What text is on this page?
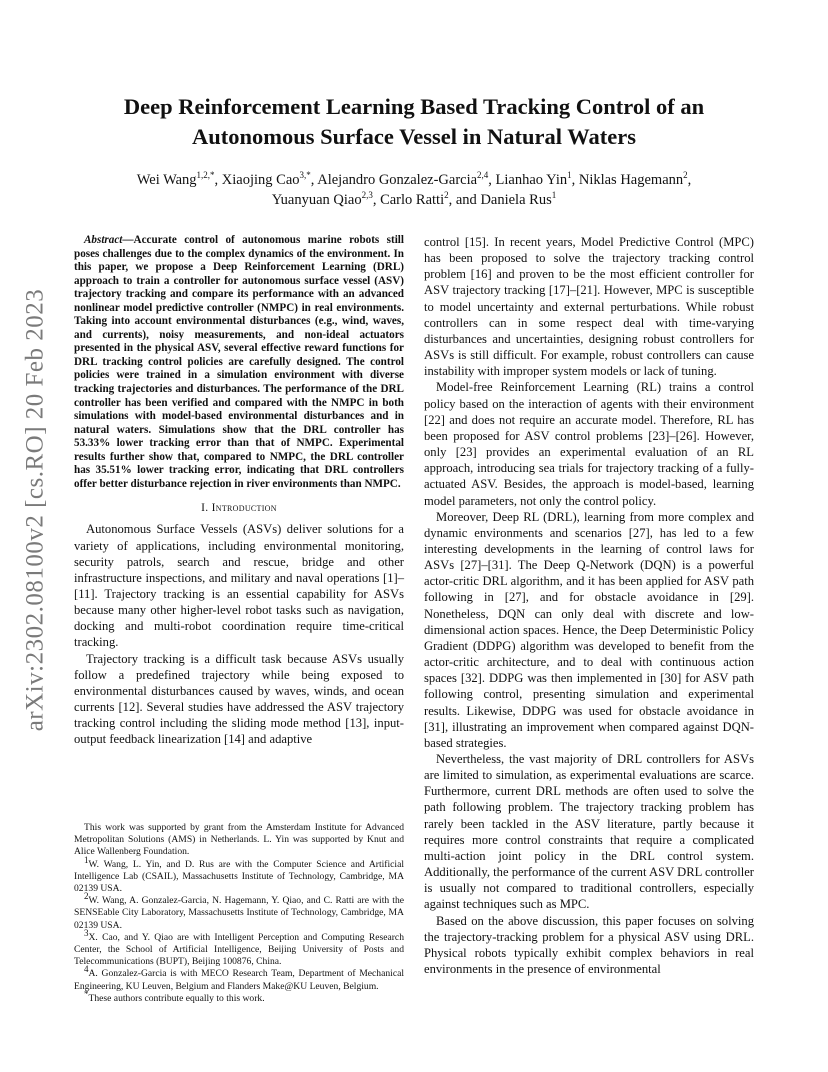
arXiv:2302.08100v2 [cs.RO] 20 Feb 2023
Deep Reinforcement Learning Based Tracking Control of an
Autonomous Surface Vessel in Natural Waters
Wei Wang$^{1,2,*}$, Xiaojing Cao$^{3,*}$, Alejandro Gonzalez-Garcia$^{2,4}$, Lianhao Yin$^1$, Niklas Hagemann$^2$,
Yuanyuan Qiao$^{2,3}$, Carlo Ratti$^2$, and Daniela Rus$^1$

Abstract—Accurate control of autonomous marine robots still poses challenges due to the complex dynamics of the environment. In this paper, we propose a Deep Reinforcement Learning (DRL) approach to train a controller for autonomous surface vessel (ASV) trajectory tracking and compare its performance with an advanced nonlinear model predictive controller (NMPC) in real environments. Taking into account environmental disturbances (e.g., wind, waves, and currents), noisy measurements, and non-ideal actuators presented in the physical ASV, several effective reward functions for DRL tracking control policies are carefully designed. The control policies were trained in a simulation environment with diverse tracking trajectories and disturbances. The performance of the DRL controller has been verified and compared with the NMPC in both simulations with model-based environmental disturbances and in natural waters. Simulations show that the DRL controller has 53.33% lower tracking error than that of NMPC. Experimental results further show that, compared to NMPC, the DRL controller has 35.51% lower tracking error, indicating that DRL controllers offer better disturbance rejection in river environments than NMPC.

I. Introduction

Autonomous Surface Vessels (ASVs) deliver solutions for a variety of applications, including environmental monitoring, security patrols, search and rescue, bridge and other infrastructure inspections, and military and naval operations [1]–[11]. Trajectory tracking is an essential capability for ASVs because many other higher-level robot tasks such as navigation, docking and multi-robot coordination require time-critical tracking.

Trajectory tracking is a difficult task because ASVs usually follow a predefined trajectory while being exposed to environmental disturbances caused by waves, winds, and ocean currents [12]. Several studies have addressed the ASV trajectory tracking control including the sliding mode method [13], input-output feedback linearization [14] and adaptive

This work was supported by grant from the Amsterdam Institute for Advanced Metropolitan Solutions (AMS) in Netherlands. L. Yin was supported by Knut and Alice Wallenberg Foundation.

$^1$W. Wang, L. Yin, and D. Rus are with the Computer Science and Artificial Intelligence Lab (CSAIL), Massachusetts Institute of Technology, Cambridge, MA 02139 USA.

$^2$W. Wang, A. Gonzalez-Garcia, N. Hagemann, Y. Qiao, and C. Ratti are with the SENSEable City Laboratory, Massachusetts Institute of Technology, Cambridge, MA 02139 USA.

$^3$X. Cao, and Y. Qiao are with Intelligent Perception and Computing Research Center, the School of Artificial Intelligence, Beijing University of Posts and Telecommunications (BUPT), Beijing 100876, China.

$^4$A. Gonzalez-Garcia is with MECO Research Team, Department of Mechanical Engineering, KU Leuven, Belgium and Flanders Make@KU Leuven, Belgium.

*These authors contribute equally to this work.

control [15]. In recent years, Model Predictive Control (MPC) has been proposed to solve the trajectory tracking control problem [16] and proven to be the most efficient controller for ASV trajectory tracking [17]–[21]. However, MPC is susceptible to model uncertainty and external perturbations. While robust controllers can in some respect deal with time-varying disturbances and uncertainties, designing robust controllers for ASVs is still difficult. For example, robust controllers can cause instability with improper system models or lack of tuning.

Model-free Reinforcement Learning (RL) trains a control policy based on the interaction of agents with their environment [22] and does not require an accurate model. Therefore, RL has been proposed for ASV control problems [23]–[26]. However, only [23] provides an experimental evaluation of an RL approach, introducing sea trials for trajectory tracking of a fully-actuated ASV. Besides, the approach is model-based, learning model parameters, not only the control policy.

Moreover, Deep RL (DRL), learning from more complex and dynamic environments and scenarios [27], has led to a few interesting developments in the learning of control laws for ASVs [27]–[31]. The Deep Q-Network (DQN) is a powerful actor-critic DRL algorithm, and it has been applied for ASV path following in [27], and for obstacle avoidance in [29]. Nonetheless, DQN can only deal with discrete and low-dimensional action spaces. Hence, the Deep Deterministic Policy Gradient (DDPG) algorithm was developed to benefit from the actor-critic architecture, and to deal with continuous action spaces [32]. DDPG was then implemented in [30] for ASV path following control, presenting simulation and experimental results. Likewise, DDPG was used for obstacle avoidance in [31], illustrating an improvement when compared against DQN-based strategies.

Nevertheless, the vast majority of DRL controllers for ASVs are limited to simulation, as experimental evaluations are scarce. Furthermore, current DRL methods are often used to solve the path following problem. The trajectory tracking problem has rarely been tackled in the ASV literature, partly because it requires more control constraints that require a complicated multi-action joint policy in the DRL control system. Additionally, the performance of the current ASV DRL controller is usually not compared to traditional controllers, especially against techniques such as MPC.

Based on the above discussion, this paper focuses on solving the trajectory-tracking problem for a physical ASV using DRL. Physical robots typically exhibit complex behaviors in real environments in the presence of environmental
